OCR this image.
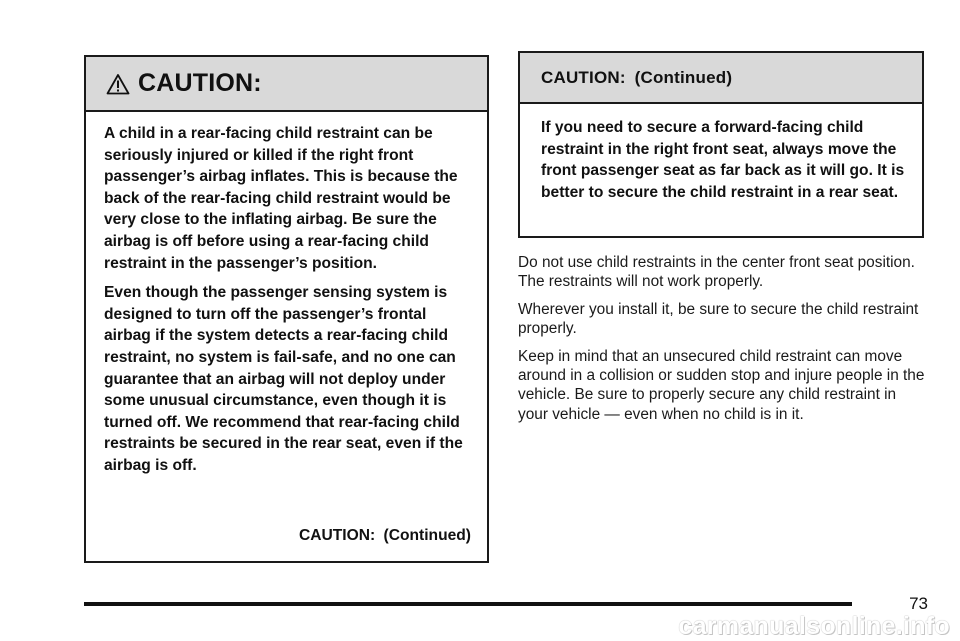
CAUTION:

A child in a rear-facing child restraint can be seriously injured or killed if the right front passenger’s airbag inflates. This is because the back of the rear-facing child restraint would be very close to the inflating airbag. Be sure the airbag is off before using a rear-facing child restraint in the passenger’s position.

Even though the passenger sensing system is designed to turn off the passenger’s frontal airbag if the system detects a rear-facing child restraint, no system is fail-safe, and no one can guarantee that an airbag will not deploy under some unusual circumstance, even though it is turned off. We recommend that rear-facing child restraints be secured in the rear seat, even if the airbag is off.

CAUTION: (Continued)
CAUTION: (Continued)

If you need to secure a forward-facing child restraint in the right front seat, always move the front passenger seat as far back as it will go. It is better to secure the child restraint in a rear seat.

Do not use child restraints in the center front seat position. The restraints will not work properly.

Wherever you install it, be sure to secure the child restraint properly.

Keep in mind that an unsecured child restraint can move around in a collision or sudden stop and injure people in the vehicle. Be sure to properly secure any child restraint in your vehicle — even when no child is in it.

73
carmanualsonline.info
